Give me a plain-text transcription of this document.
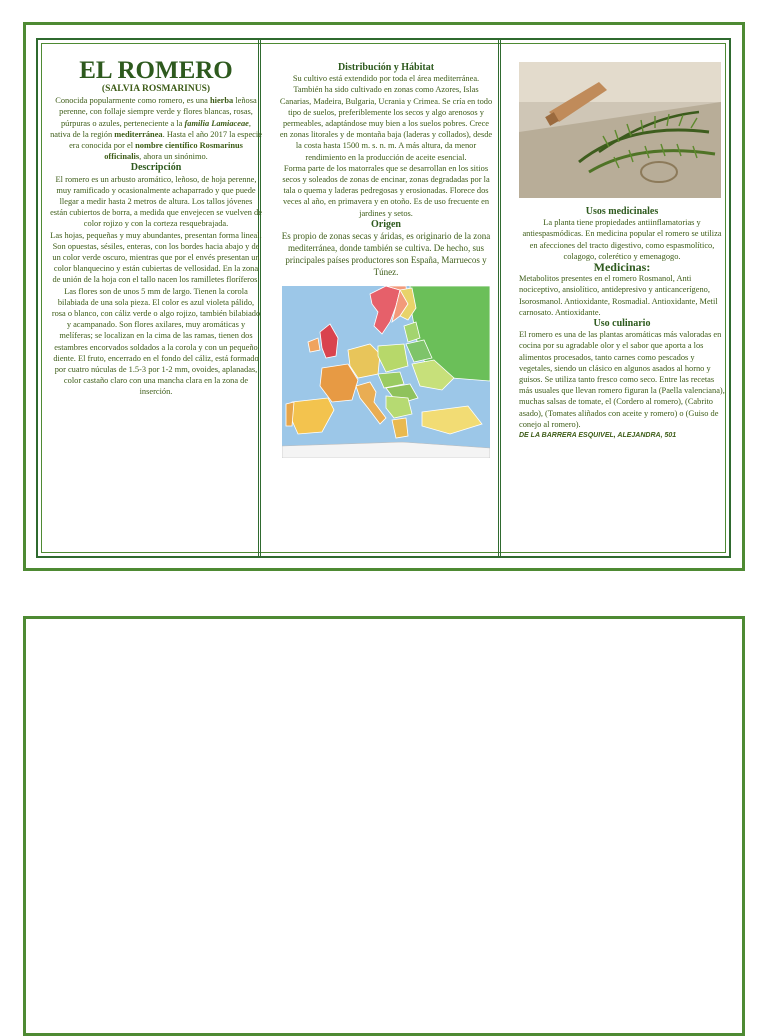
EL ROMERO

(SALVIA ROSMARINUS)

Conocida popularmente como romero, es una hierba leñosa perenne, con follaje siempre verde y flores blancas, rosas, púrpuras o azules, perteneciente a la familia Lamiaceae, nativa de la región mediterránea. Hasta el año 2017 la especie era conocida por el nombre científico Rosmarinus officinalis, ahora un sinónimo.

Descripción

El romero es un arbusto aromático, leñoso, de hoja perenne, muy ramificado y ocasionalmente achaparrado y que puede llegar a medir hasta 2 metros de altura. Los tallos jóvenes están cubiertos de borra, a medida que envejecen se vuelven de color rojizo y con la corteza resquebrajada.

Las hojas, pequeñas y muy abundantes, presentan forma lineal. Son opuestas, sésiles, enteras, con los bordes hacia abajo y de un color verde oscuro, mientras que por el envés presentan un color blanquecino y están cubiertas de vellosidad. En la zona de unión de la hoja con el tallo nacen los ramilletes floríferos. Las flores son de unos 5 mm de largo. Tienen la corola bilabiada de una sola pieza. El color es azul violeta pálido, rosa o blanco, con cáliz verde o algo rojizo, también bilabiado y acampanado. Son flores axilares, muy aromáticas y melíferas; se localizan en la cima de las ramas, tienen dos estambres encorvados soldados a la corola y con un pequeño diente. El fruto, encerrado en el fondo del cáliz, está formado por cuatro núculas de 1.5-3 por 1-2 mm, ovoides, aplanadas, color castaño claro con una mancha clara en la zona de inserción.

Distribución y Hábitat

Su cultivo está extendido por toda el área mediterránea. También ha sido cultivado en zonas como Azores, Islas Canarias, Madeira, Bulgaria, Ucrania y Crimea. Se cría en todo tipo de suelos, preferiblemente los secos y algo arenosos y permeables, adaptándose muy bien a los suelos pobres. Crece en zonas litorales y de montaña baja (laderas y collados), desde la costa hasta 1500 m. s. n. m. A más altura, da menor rendimiento en la producción de aceite esencial.

Forma parte de los matorrales que se desarrollan en los sitios secos y soleados de zonas de encinar, zonas degradadas por la tala o quema y laderas pedregosas y erosionadas. Florece dos veces al año, en primavera y en otoño. Es de uso frecuente en jardines y setos.

Origen

Es propio de zonas secas y áridas, es originario de la zona mediterránea, donde también se cultiva. De hecho, sus principales países productores son España, Marruecos y Túnez.

Usos medicinales

La planta tiene propiedades antiinflamatorias y antiespasmódicas. En medicina popular el romero se utiliza en afecciones del tracto digestivo, como espasmolítico, colagogo, colerético y emenagogo.

Medicinas:

Metabolitos presentes en el romero Rosmanol, Anti nociceptivo, ansiolítico, antidepresivo y anticancerígeno, Isorosmanol. Antioxidante, Rosmadial. Antioxidante, Metil carnosato. Antioxidante.

Uso culinario

El romero es una de las plantas aromáticas más valoradas en cocina por su agradable olor y el sabor que aporta a los alimentos procesados, tanto carnes como pescados y vegetales, siendo un clásico en algunos asados al horno y guisos. Se utiliza tanto fresco como seco. Entre las recetas más usuales que llevan romero figuran la (Paella valenciana), muchas salsas de tomate, el (Cordero al romero), (Cabrito asado), (Tomates aliñados con aceite y romero) o (Guiso de conejo al romero).

DE LA BARRERA ESQUIVEL, ALEJANDRA, 501
